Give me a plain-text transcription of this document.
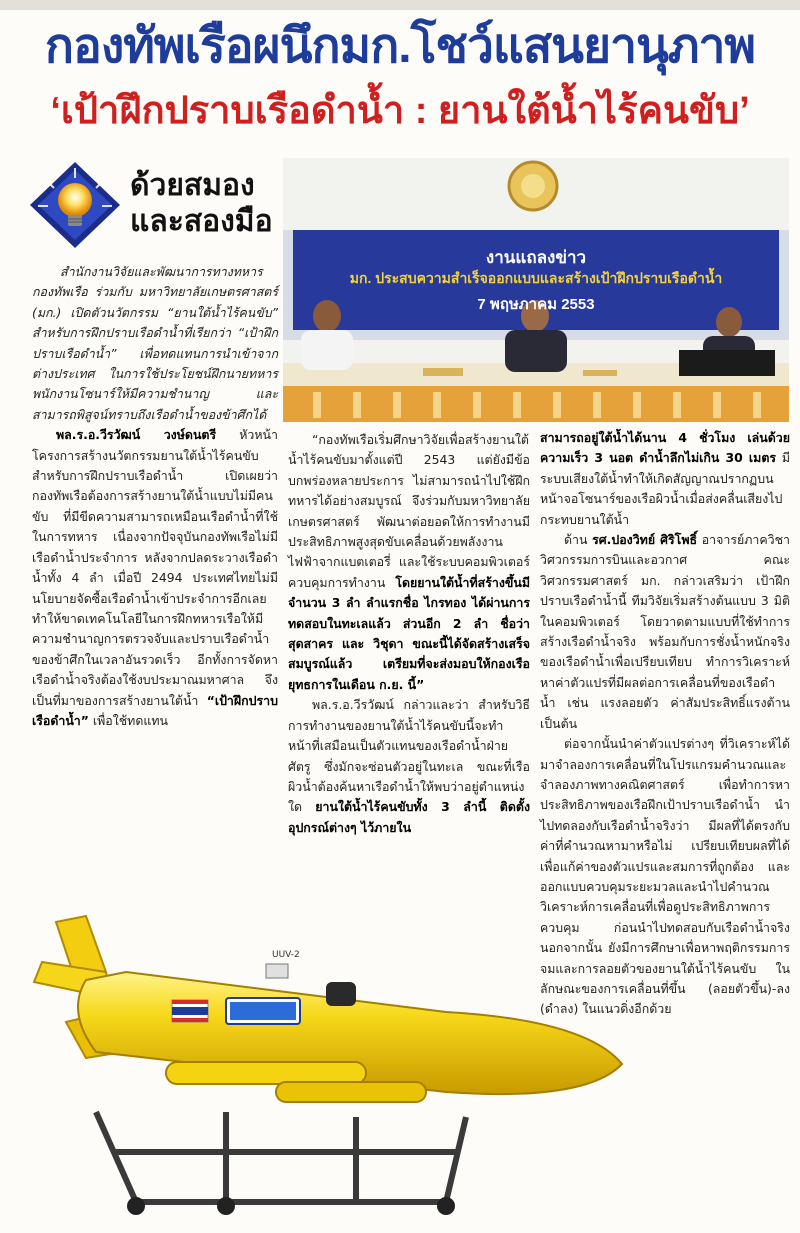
กองทัพเรือผนึกมก.โชว์แสนยานุภาพ
‘เป้าฝึกปราบเรือดำน้ำ : ยานใต้น้ำไร้คนขับ’
ด้วยสมอง
และสองมือ
งานแถลงข่าว
มก. ประสบความสำเร็จออกแบบและสร้างเป้าฝึกปราบเรือดำน้ำ
7 พฤษภาคม 2553

สำนักงานวิจัยและพัฒนาการทางทหาร กองทัพเรือ ร่วมกับ มหาวิทยาลัยเกษตรศาสตร์ (มก.) เปิดตัวนวัตกรรม “ยานใต้น้ำไร้คนขับ” สำหรับการฝึกปราบเรือดำน้ำที่เรียกว่า “เป้าฝึกปราบเรือดำน้ำ” เพื่อทดแทนการนำเข้าจากต่างประเทศ ในการใช้ประโยชน์ฝึกนายทหารพนักงานโซนาร์ให้มีความชำนาญ และสามารถพิสูจน์ทราบถึงเรือดำน้ำของข้าศึกได้

พล.ร.อ.วีรวัฒน์ วงษ์ดนตรี หัวหน้าโครงการสร้างนวัตกรรมยานใต้น้ำไร้คนขับสำหรับการฝึกปราบเรือดำน้ำ เปิดเผยว่า กองทัพเรือต้องการสร้างยานใต้น้ำแบบไม่มีคนขับ ที่มีขีดความสามารถเหมือนเรือดำน้ำที่ใช้ในการทหาร เนื่องจากปัจจุบันกองทัพเรือไม่มีเรือดำน้ำประจำการ หลังจากปลดระวางเรือดำน้ำทั้ง 4 ลำ เมื่อปี 2494 ประเทศไทยไม่มีนโยบายจัดซื้อเรือดำน้ำเข้าประจำการอีกเลย ทำให้ขาดเทคโนโลยีในการฝึกทหารเรือให้มีความชำนาญการตรวจจับและปราบเรือดำน้ำของข้าศึกในเวลาอันรวดเร็ว อีกทั้งการจัดหาเรือดำน้ำจริงต้องใช้งบประมาณมหาศาล จึงเป็นที่มาของการสร้างยานใต้น้ำ “เป้าฝึกปราบเรือดำน้ำ” เพื่อใช้ทดแทน

“กองทัพเรือเริ่มศึกษาวิจัยเพื่อสร้างยานใต้น้ำไร้คนขับมาตั้งแต่ปี 2543 แต่ยังมีข้อบกพร่องหลายประการ ไม่สามารถนำไปใช้ฝึกทหารได้อย่างสมบูรณ์ จึงร่วมกับมหาวิทยาลัยเกษตรศาสตร์ พัฒนาต่อยอดให้การทำงานมีประสิทธิภาพสูงสุดขับเคลื่อนด้วยพลังงานไฟฟ้าจากแบตเตอรี่ และใช้ระบบคอมพิวเตอร์ควบคุมการทำงาน โดยยานใต้น้ำที่สร้างขึ้นมีจำนวน 3 ลำ ลำแรกชื่อ ไกรทอง ได้ผ่านการทดสอบในทะเลแล้ว ส่วนอีก 2 ลำ ชื่อว่า สุดสาคร และ วิชุดา ขณะนี้ได้จัดสร้างเสร็จสมบูรณ์แล้ว เตรียมที่จะส่งมอบให้กองเรือยุทธการในเดือน ก.ย. นี้”

พล.ร.อ.วีรวัฒน์ กล่าวและว่า สำหรับวิธีการทำงานของยานใต้น้ำไร้คนขับนี้จะทำหน้าที่เสมือนเป็นตัวแทนของเรือดำน้ำฝ่ายศัตรู ซึ่งมักจะซ่อนตัวอยู่ในทะเล ขณะที่เรือผิวน้ำต้องค้นหาเรือดำน้ำให้พบว่าอยู่ตำแหน่งใด ยานใต้น้ำไร้คนขับทั้ง 3 ลำนี้ ติดตั้งอุปกรณ์ต่างๆ ไว้ภายใน

สามารถอยู่ใต้น้ำได้นาน 4 ชั่วโมง เล่นด้วยความเร็ว 3 นอต ดำน้ำลึกไม่เกิน 30 เมตร มีระบบเสียงใต้น้ำทำให้เกิดสัญญาณปรากฏบนหน้าจอโซนาร์ของเรือผิวน้ำเมื่อส่งคลื่นเสียงไปกระทบยานใต้น้ำ

ด้าน รศ.ปองวิทย์ ศิริโพธิ์ อาจารย์ภาควิชาวิศวกรรมการบินและอวกาศ คณะวิศวกรรมศาสตร์ มก. กล่าวเสริมว่า เป้าฝึกปราบเรือดำน้ำนี้ ทีมวิจัยเริ่มสร้างต้นแบบ 3 มิติในคอมพิวเตอร์ โดยวาดตามแบบที่ใช้ทำการสร้างเรือดำน้ำจริง พร้อมกับการชั่งน้ำหนักจริงของเรือดำน้ำเพื่อเปรียบเทียบ ทำการวิเคราะห์หาค่าตัวแปรที่มีผลต่อการเคลื่อนที่ของเรือดำน้ำ เช่น แรงลอยตัว ค่าสัมประสิทธิ์แรงต้าน เป็นต้น

ต่อจากนั้นนำค่าตัวแปรต่างๆ ที่วิเคราะห์ได้มาจำลองการเคลื่อนที่ในโปรแกรมคำนวณและจำลองภาพทางคณิตศาสตร์ เพื่อทำการหาประสิทธิภาพของเรือฝึกเป้าปราบเรือดำน้ำ นำไปทดลองกับเรือดำน้ำจริงว่า มีผลที่ได้ตรงกับค่าที่คำนวณหามาหรือไม่ เปรียบเทียบผลที่ได้เพื่อแก้ค่าของตัวแปรและสมการที่ถูกต้อง และออกแบบควบคุมระยะมวลและนำไปคำนวณวิเคราะห์การเคลื่อนที่เพื่อดูประสิทธิภาพการควบคุม ก่อนนำไปทดสอบกับเรือดำน้ำจริง นอกจากนั้น ยังมีการศึกษาเพื่อหาพฤติกรรมการจมและการลอยตัวของยานใต้น้ำไร้คนขับ ในลักษณะของการเคลื่อนที่ขึ้น (ลอยตัวขึ้น)-ลง (ดำลง) ในแนวดิ่งอีกด้วย

UUV-2
